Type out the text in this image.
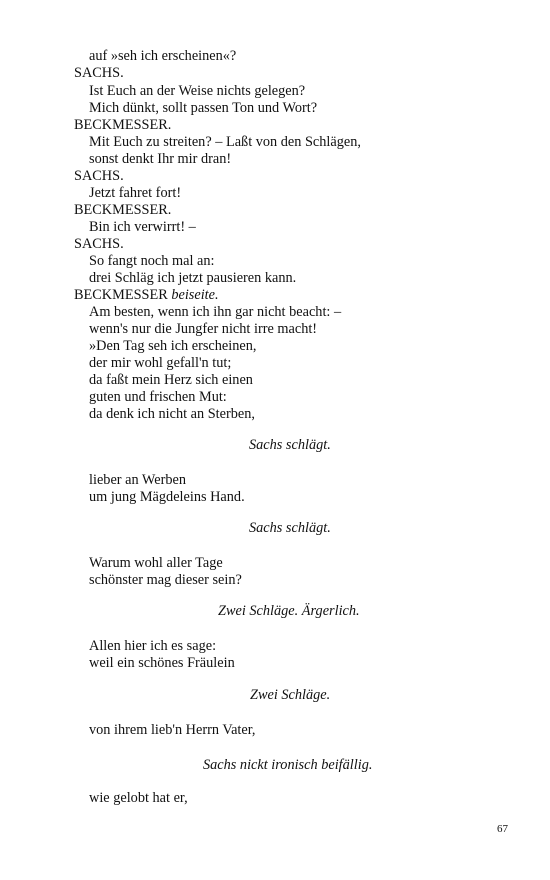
auf »seh ich erscheinen«?
SACHS.
Ist Euch an der Weise nichts gelegen?
Mich dünkt, sollt passen Ton und Wort?
BECKMESSER.
Mit Euch zu streiten? – Laßt von den Schlägen,
sonst denkt Ihr mir dran!
SACHS.
Jetzt fahret fort!
BECKMESSER.
Bin ich verwirrt! –
SACHS.
So fangt noch mal an:
drei Schläg ich jetzt pausieren kann.
BECKMESSER beiseite.
Am besten, wenn ich ihn gar nicht beacht: –
wenn's nur die Jungfer nicht irre macht!
»Den Tag seh ich erscheinen,
der mir wohl gefall'n tut;
da faßt mein Herz sich einen
guten und frischen Mut:
da denk ich nicht an Sterben,
Sachs schlägt.
lieber an Werben
um jung Mägdeleins Hand.
Sachs schlägt.
Warum wohl aller Tage
schönster mag dieser sein?
Zwei Schläge. Ärgerlich.
Allen hier ich es sage:
weil ein schönes Fräulein
Zwei Schläge.
von ihrem lieb'n Herrn Vater,
Sachs nickt ironisch beifällig.
wie gelobt hat er,
67
